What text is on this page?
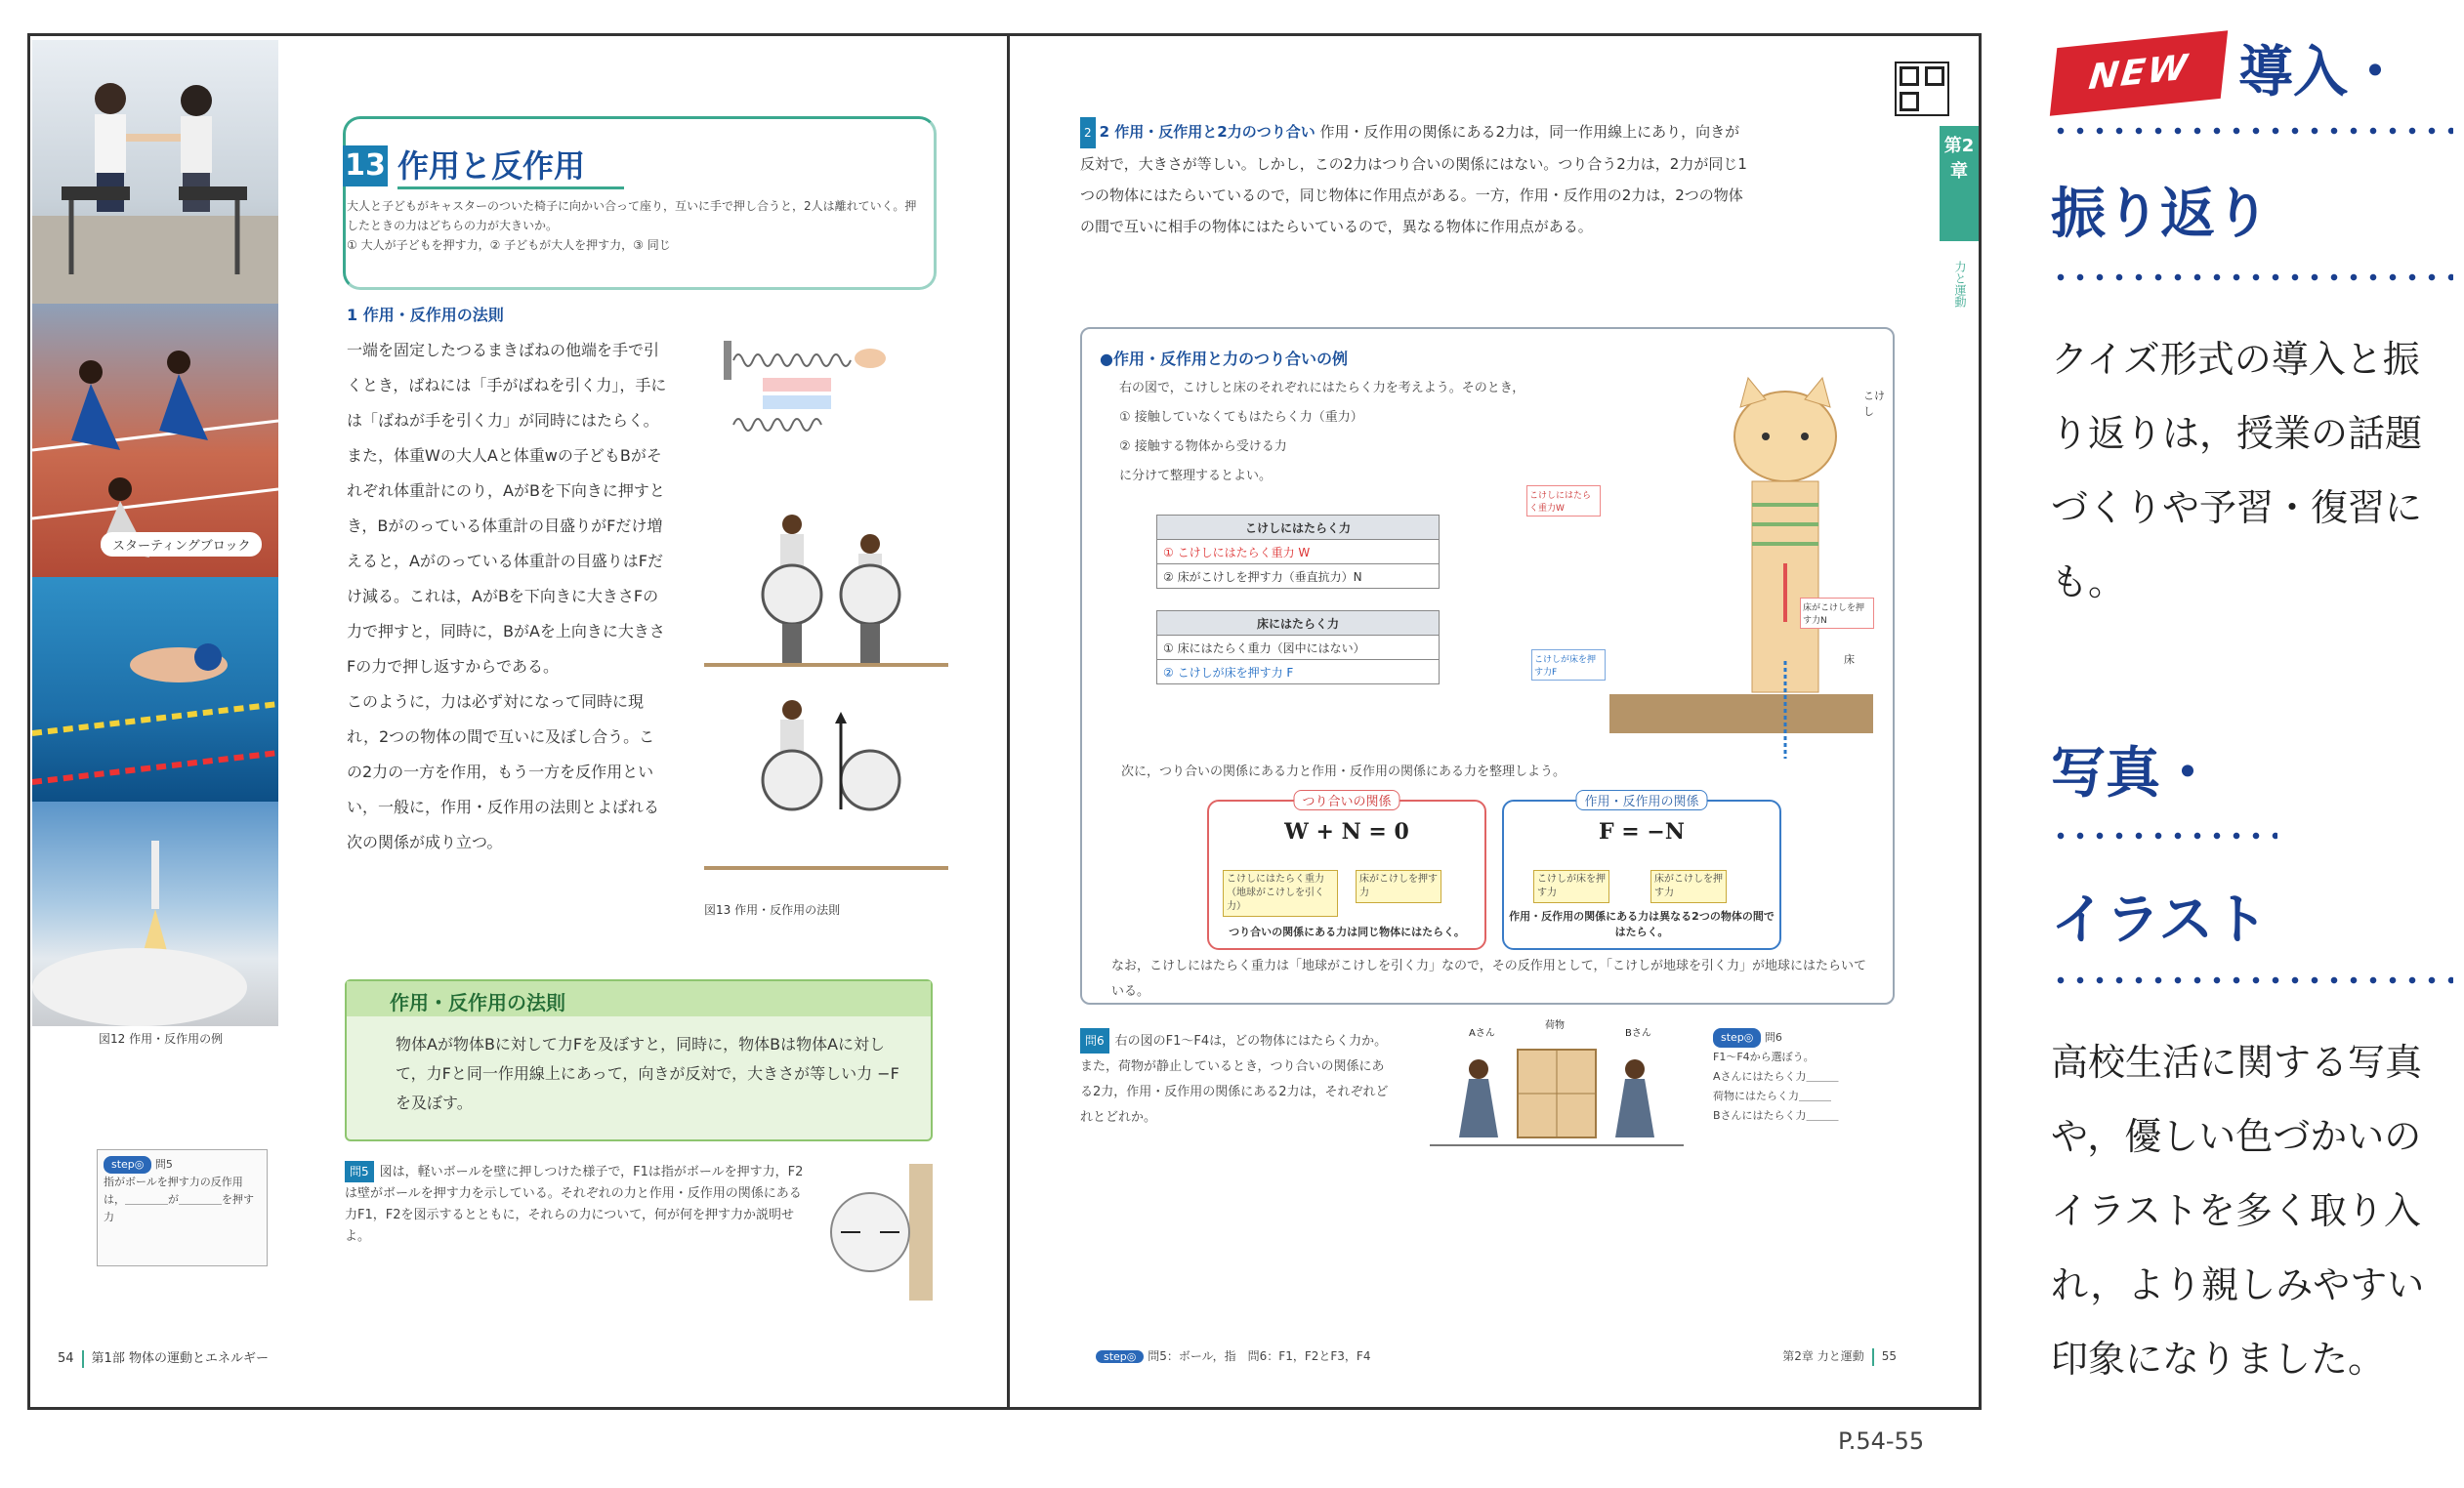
スターティングブロック
図12 作用・反作用の例
13 作用と反作用
大人と子どもがキャスターのついた椅子に向かい合って座り，互いに手で押し合うと，2人は離れていく。押したときの力はどちらの力が大きいか。
① 大人が子どもを押す力，② 子どもが大人を押す力，③ 同じ
1 作用・反作用の法則
一端を固定したつるまきばねの他端を手で引くとき，ばねには「手がばねを引く力」，手には「ばねが手を引く力」が同時にはたらく。
また，体重Wの大人Aと体重wの子どもBがそれぞれ体重計にのり，AがBを下向きに押すとき，Bがのっている体重計の目盛りがFだけ増えると，Aがのっている体重計の目盛りはFだけ減る。これは，AがBを下向きに大きさFの力で押すと，同時に，BがAを上向きに大きさFの力で押し返すからである。
このように，力は必ず対になって同時に現れ，2つの物体の間で互いに及ぼし合う。この2力の一方を作用，もう一方を反作用といい，一般に，作用・反作用の法則とよばれる次の関係が成り立つ。
図13 作用・反作用の法則
作用・反作用の法則
物体Aが物体Bに対して力Fを及ぼすと，同時に，物体Bは物体Aに対して，力Fと同一作用線上にあって，向きが反対で，大きさが等しい力 −F を及ぼす。
問5 図は，軽いボールを壁に押しつけた様子で，F1は指がボールを押す力，F2は壁がボールを押す力を示している。それぞれの力と作用・反作用の関係にある力F1，F2を図示するとともに，それらの力について，何が何を押す力か説明せよ。
step◎ 問5
指がボールを押す力の反作用は，＿＿＿＿が＿＿＿＿を押す力
54 第1部 物体の運動とエネルギー
第2章
力と運動
2 2 作用・反作用と2力のつり合い 作用・反作用の関係にある2力は，同一作用線上にあり，向きが反対で，大きさが等しい。しかし，この2力はつり合いの関係にはない。つり合う2力は，2力が同じ1つの物体にはたらいているので，同じ物体に作用点がある。一方，作用・反作用の2力は，2つの物体の間で互いに相手の物体にはたらいているので，異なる物体に作用点がある。
●作用・反作用と力のつり合いの例
右の図で，こけしと床のそれぞれにはたらく力を考えよう。そのとき，
① 接触していなくてもはたらく力（重力）
② 接触する物体から受ける力
に分けて整理するとよい。
こけしにはたらく力
① こけしにはたらく重力 W
② 床がこけしを押す力（垂直抗力）N
床にはたらく力
① 床にはたらく重力（図中にはない）
② こけしが床を押す力 F
こけし
床
こけしにはたらく重力W
床がこけしを押す力N
こけしが床を押す力F
次に，つり合いの関係にある力と作用・反作用の関係にある力を整理しよう。
つり合いの関係
W + N = 0
こけしにはたらく重力（地球がこけしを引く力）
床がこけしを押す力
つり合いの関係にある力は同じ物体にはたらく。
作用・反作用の関係
F = −N
こけしが床を押す力
床がこけしを押す力
作用・反作用の関係にある力は異なる2つの物体の間ではたらく。
なお，こけしにはたらく重力は「地球がこけしを引く力」なので，その反作用として，「こけしが地球を引く力」が地球にはたらいている。
問6 右の図のF1〜F4は，どの物体にはたらく力か。また，荷物が静止しているとき，つり合いの関係にある2力，作用・反作用の関係にある2力は，それぞれどれとどれか。
Aさん
荷物
Bさん	step◎ 問6
F1〜F4から選ぼう。
Aさんにはたらく力＿＿＿
荷物にはたらく力＿＿＿
Bさんにはたらく力＿＿＿
step◎ 問5：ボール，指　問6：F1，F2とF3，F4	第2章 力と運動 55
P.54-55
NEW 導入・
振り返り
クイズ形式の導入と振り返りは，授業の話題づくりや予習・復習にも。
写真・
イラスト
高校生活に関する写真や，優しい色づかいのイラストを多く取り入れ，より親しみやすい印象になりました。
